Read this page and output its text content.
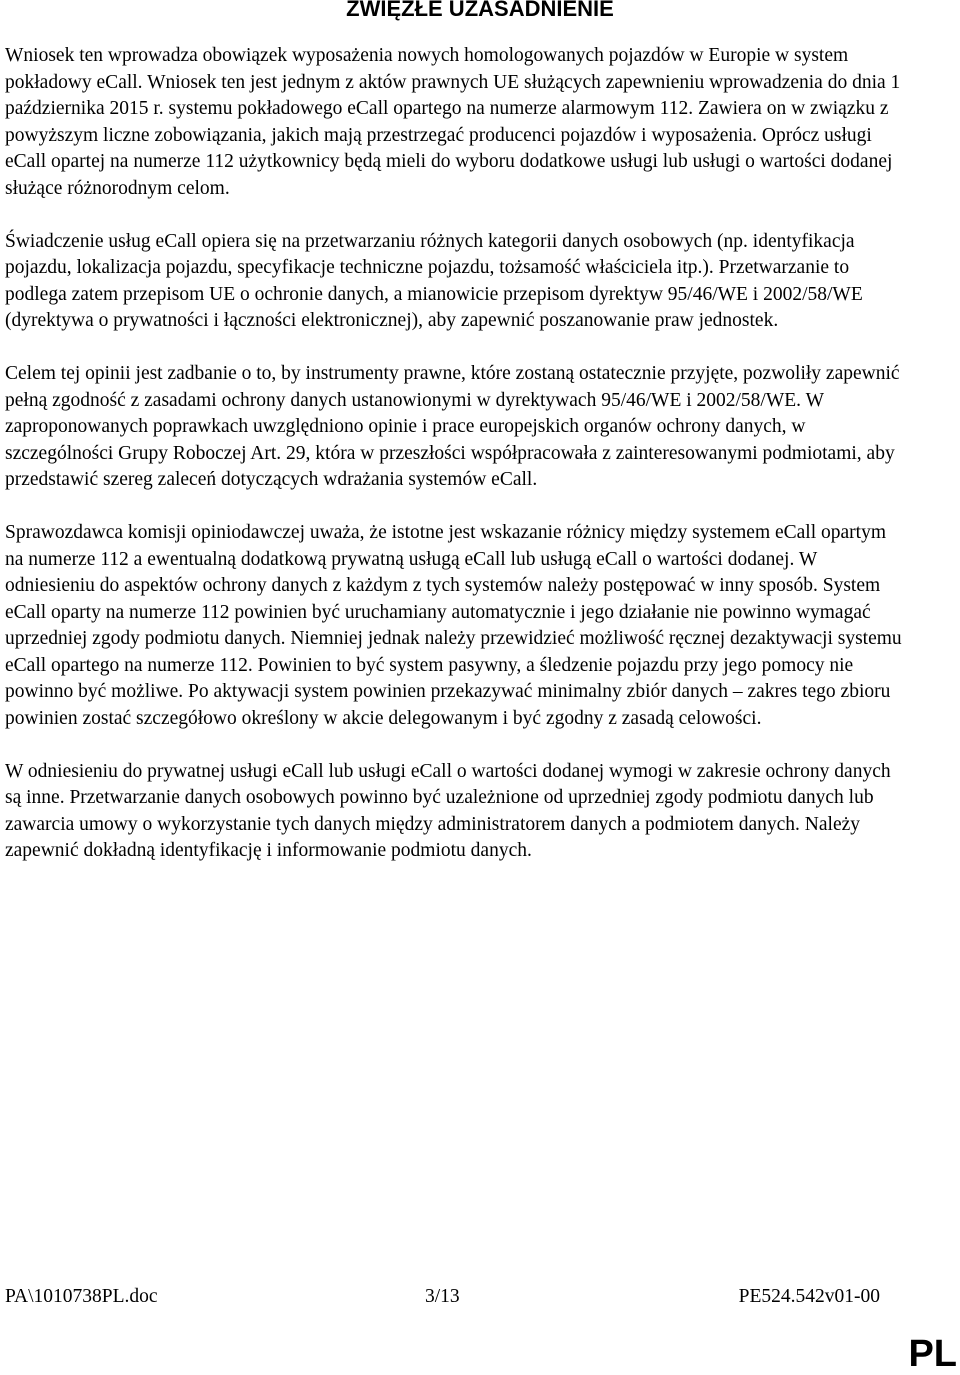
ZWIĘZŁE UZASADNIENIE

Wniosek ten wprowadza obowiązek wyposażenia nowych homologowanych pojazdów w Europie w system pokładowy eCall. Wniosek ten jest jednym z aktów prawnych UE służących zapewnieniu wprowadzenia do dnia 1 października 2015 r. systemu pokładowego eCall opartego na numerze alarmowym 112. Zawiera on w związku z powyższym liczne zobowiązania, jakich mają przestrzegać producenci pojazdów i wyposażenia. Oprócz usługi eCall opartej na numerze 112 użytkownicy będą mieli do wyboru dodatkowe usługi lub usługi o wartości dodanej służące różnorodnym celom.

Świadczenie usług eCall opiera się na przetwarzaniu różnych kategorii danych osobowych (np. identyfikacja pojazdu, lokalizacja pojazdu, specyfikacje techniczne pojazdu, tożsamość właściciela itp.). Przetwarzanie to podlega zatem przepisom UE o ochronie danych, a mianowicie przepisom dyrektyw 95/46/WE i 2002/58/WE (dyrektywa o prywatności i łączności elektronicznej), aby zapewnić poszanowanie praw jednostek.

Celem tej opinii jest zadbanie o to, by instrumenty prawne, które zostaną ostatecznie przyjęte, pozwoliły zapewnić pełną zgodność z zasadami ochrony danych ustanowionymi w dyrektywach 95/46/WE i 2002/58/WE. W zaproponowanych poprawkach uwzględniono opinie i prace europejskich organów ochrony danych, w szczególności Grupy Roboczej Art. 29, która w przeszłości współpracowała z zainteresowanymi podmiotami, aby przedstawić szereg zaleceń dotyczących wdrażania systemów eCall.

Sprawozdawca komisji opiniodawczej uważa, że istotne jest wskazanie różnicy między systemem eCall opartym na numerze 112 a ewentualną dodatkową prywatną usługą eCall lub usługą eCall o wartości dodanej. W odniesieniu do aspektów ochrony danych z każdym z tych systemów należy postępować w inny sposób. System eCall oparty na numerze 112 powinien być uruchamiany automatycznie i jego działanie nie powinno wymagać uprzedniej zgody podmiotu danych. Niemniej jednak należy przewidzieć możliwość ręcznej dezaktywacji systemu eCall opartego na numerze 112. Powinien to być system pasywny, a śledzenie pojazdu przy jego pomocy nie powinno być możliwe. Po aktywacji system powinien przekazywać minimalny zbiór danych – zakres tego zbioru powinien zostać szczegółowo określony w akcie delegowanym i być zgodny z zasadą celowości.

W odniesieniu do prywatnej usługi eCall lub usługi eCall o wartości dodanej wymogi w zakresie ochrony danych są inne. Przetwarzanie danych osobowych powinno być uzależnione od uprzedniej zgody podmiotu danych lub zawarcia umowy o wykorzystanie tych danych między administratorem danych a podmiotem danych. Należy zapewnić dokładną identyfikację i informowanie podmiotu danych.

PA\1010738PL.doc	3/13	PE524.542v01-00
PL
